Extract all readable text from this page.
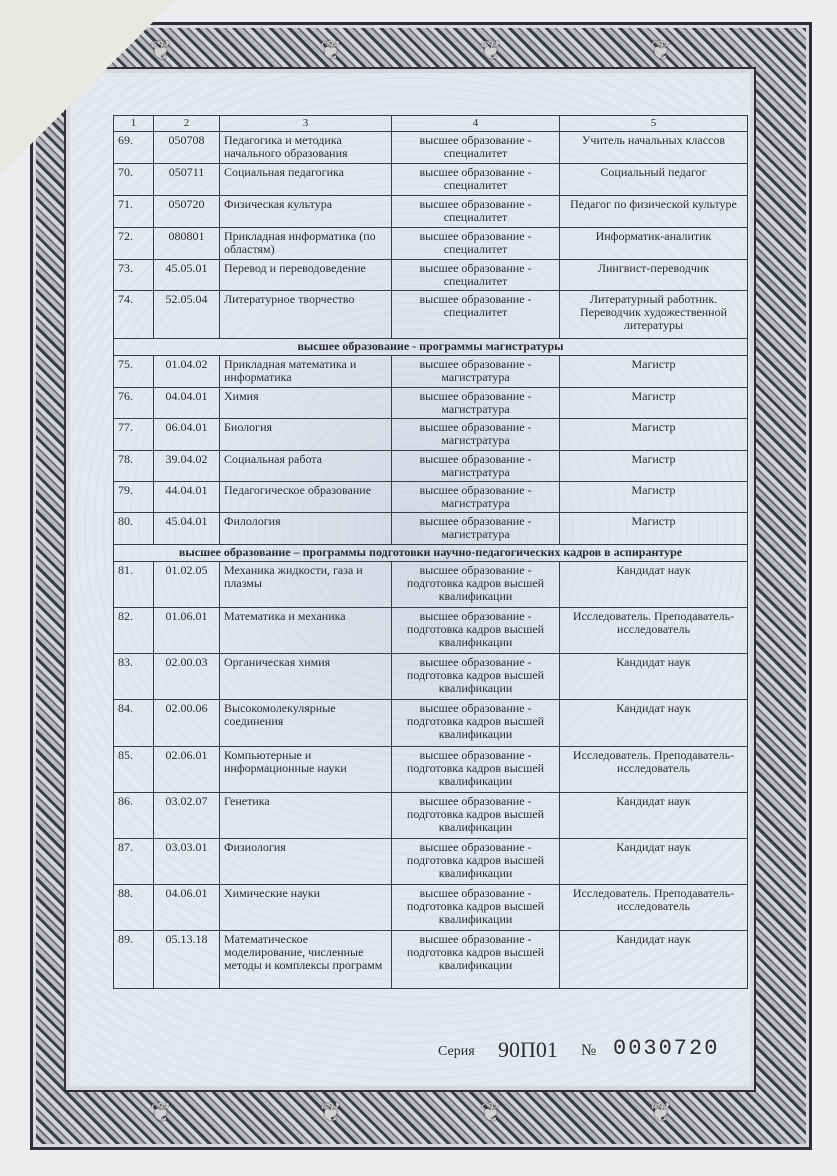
❦	❦	❦	❦
❦	❦	❦	❦
1	2	3	4	5
69.	050708	Педагогика и методика начального образования	высшее образование - специалитет	Учитель начальных классов
70.	050711	Социальная педагогика	высшее образование - специалитет	Социальный педагог
71.	050720	Физическая культура	высшее образование - специалитет	Педагог по физической культуре
72.	080801	Прикладная информатика (по областям)	высшее образование - специалитет	Информатик-аналитик
73.	45.05.01	Перевод и переводоведение	высшее образование - специалитет	Лингвист-переводчик
74.	52.05.04	Литературное творчество	высшее образование - специалитет	Литературный работник. Переводчик художественной литературы
высшее образование - программы магистратуры				
75.	01.04.02	Прикладная математика и информатика	высшее образование - магистратура	Магистр
76.	04.04.01	Химия	высшее образование - магистратура	Магистр
77.	06.04.01	Биология	высшее образование - магистратура	Магистр
78.	39.04.02	Социальная работа	высшее образование - магистратура	Магистр
79.	44.04.01	Педагогическое образование	высшее образование - магистратура	Магистр
80.	45.04.01	Филология	высшее образование - магистратура	Магистр
высшее образование – программы подготовки научно-педагогических кадров в аспирантуре				
81.	01.02.05	Механика жидкости, газа и плазмы	высшее образование - подготовка кадров высшей квалификации	Кандидат наук
82.	01.06.01	Математика и механика	высшее образование - подготовка кадров высшей квалификации	Исследователь. Преподаватель-исследователь
83.	02.00.03	Органическая химия	высшее образование - подготовка кадров высшей квалификации	Кандидат наук
84.	02.00.06	Высокомолекулярные соединения	высшее образование - подготовка кадров высшей квалификации	Кандидат наук
85.	02.06.01	Компьютерные и информационные науки	высшее образование - подготовка кадров высшей квалификации	Исследователь. Преподаватель-исследователь
86.	03.02.07	Генетика	высшее образование - подготовка кадров высшей квалификации	Кандидат наук
87.	03.03.01	Физиология	высшее образование - подготовка кадров высшей квалификации	Кандидат наук
88.	04.06.01	Химические науки	высшее образование - подготовка кадров высшей квалификации	Исследователь. Преподаватель-исследователь
89.	05.13.18	Математическое моделирование, численные методы и комплексы программ	высшее образование - подготовка кадров высшей квалификации	Кандидат наук
Серия 90П01 № 0030720
